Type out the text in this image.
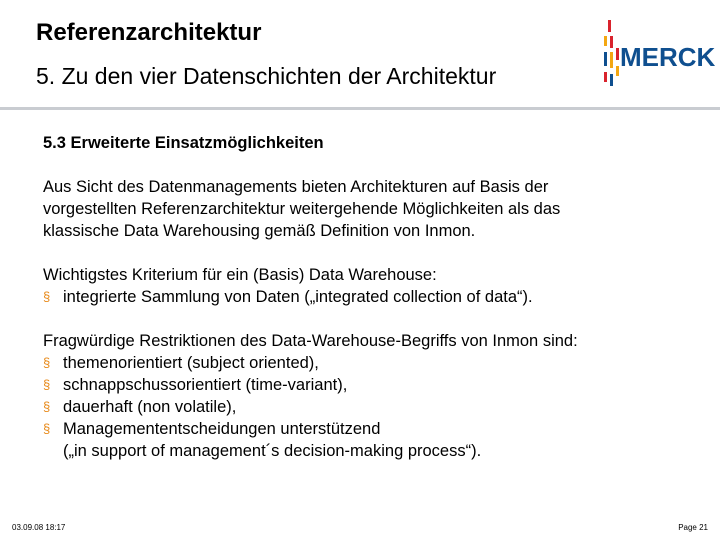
Referenzarchitektur
5. Zu den vier Datenschichten der Architektur
MERCK
5.3 Erweiterte Einsatzmöglichkeiten
Aus Sicht des Datenmanagements bieten Architekturen auf Basis der
vorgestellten Referenzarchitektur weitergehende Möglichkeiten als das
klassische Data Warehousing gemäß Definition von Inmon.
Wichtigstes Kriterium für ein (Basis) Data Warehouse:
§ integrierte Sammlung von Daten („integrated collection of data“).
Fragwürdige Restriktionen des Data-Warehouse-Begriffs von Inmon sind:
§ themenorientiert (subject oriented),
§ schnappschussorientiert (time-variant),
§ dauerhaft (non volatile),
§ Managemententscheidungen unterstützend
(„in support of management´s decision-making process“).
03.09.08 18:17	Page 21
